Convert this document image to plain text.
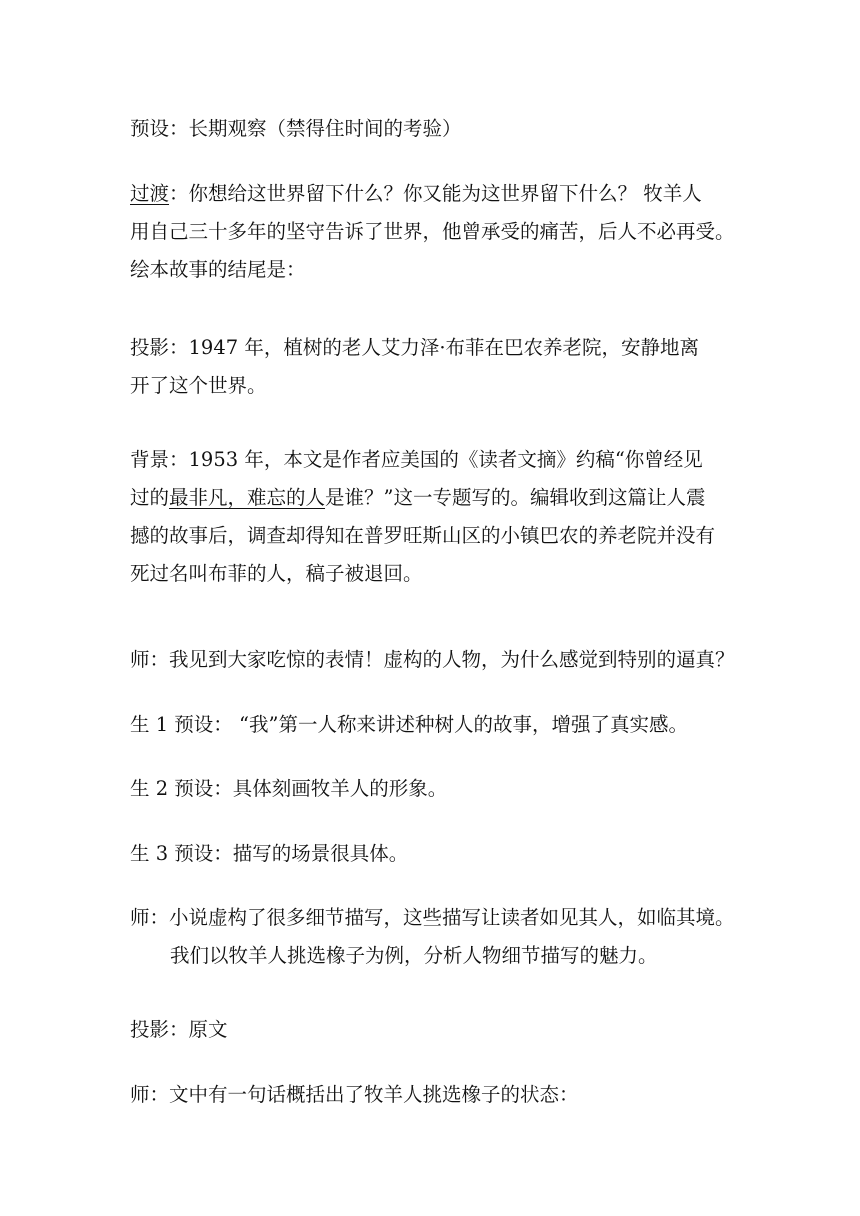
预设：长期观察（禁得住时间的考验）

过渡：你想给这世界留下什么？你又能为这世界留下什么？ 牧羊人
用自己三十多年的坚守告诉了世界，他曾承受的痛苦，后人不必再受。
绘本故事的结尾是：

投影：1947 年，植树的老人艾力泽·布菲在巴农养老院，安静地离
开了这个世界。

背景：1953 年，本文是作者应美国的《读者文摘》约稿“你曾经见
过的最非凡，难忘的人是谁？”这一专题写的。编辑收到这篇让人震
撼的故事后，调查却得知在普罗旺斯山区的小镇巴农的养老院并没有
死过名叫布菲的人，稿子被退回。

师：我见到大家吃惊的表情！虚构的人物，为什么感觉到特别的逼真？

生 1 预设： “我”第一人称来讲述种树人的故事，增强了真实感。

生 2 预设：具体刻画牧羊人的形象。

生 3 预设：描写的场景很具体。

师：小说虚构了很多细节描写，这些描写让读者如见其人，如临其境。
我们以牧羊人挑选橡子为例，分析人物细节描写的魅力。

投影：原文

师：文中有一句话概括出了牧羊人挑选橡子的状态：
